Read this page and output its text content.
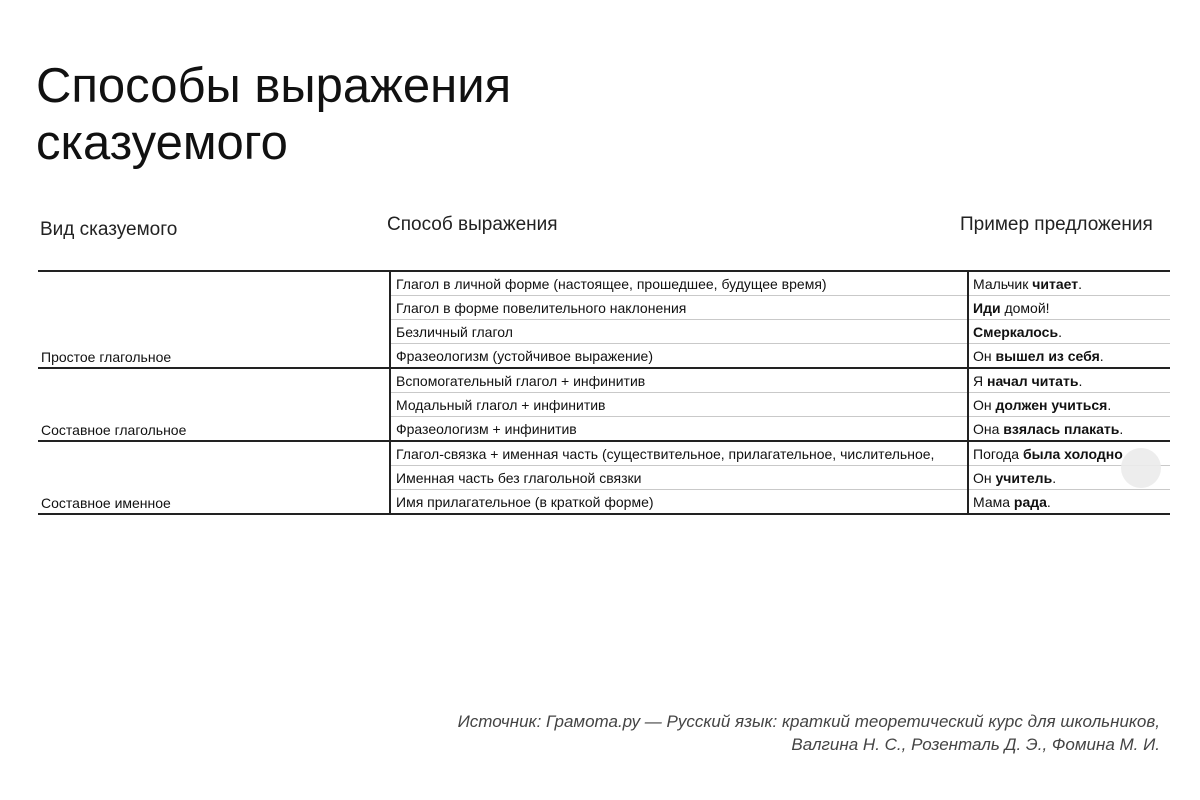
Способы выражения
сказуемого
Вид сказуемого	Способ выражения	Пример предложения
Простое глагольное	Глагол в личной форме (настоящее, прошедшее, будущее время)	Мальчик читает.
	Глагол в форме повелительного наклонения	Иди домой!
	Безличный глагол	Смеркалось.
	Фразеологизм (устойчивое выражение)	Он вышел из себя.
Составное глагольное	Вспомогательный глагол + инфинитив	Я начал читать.
	Модальный глагол + инфинитив	Он должен учиться.
	Фразеологизм + инфинитив	Она взялась плакать.
Составное именное	Глагол-связка + именная часть (существительное, прилагательное, числительное,	Погода была холодно
	Именная часть без глагольной связки	Он учитель.
	Имя прилагательное (в краткой форме)	Мама рада.
Источник: Грамота.ру — Русский язык: краткий теоретический курс для школьников,
Валгина Н. С., Розенталь Д. Э., Фомина М. И.
